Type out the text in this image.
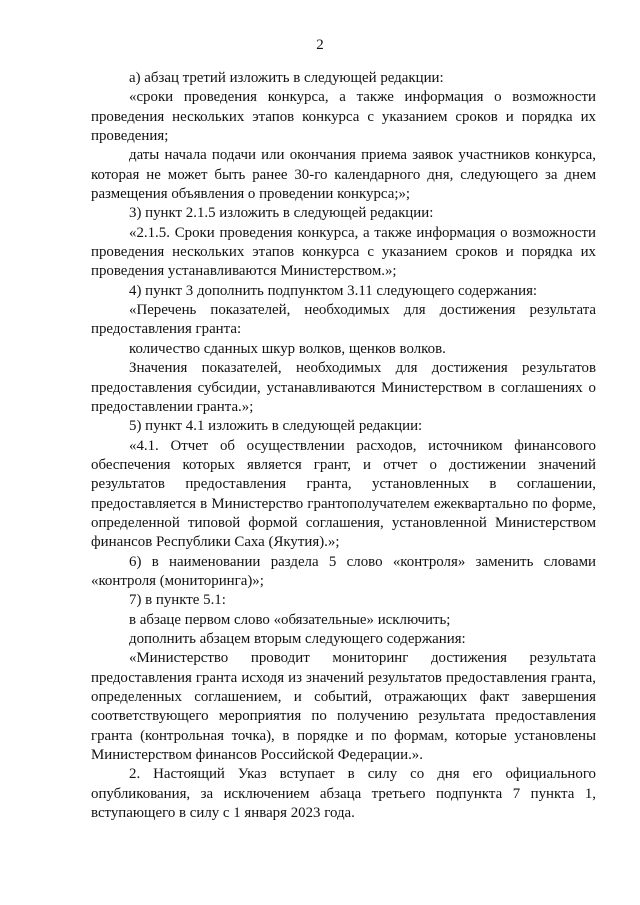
2

а) абзац третий изложить в следующей редакции:

«сроки проведения конкурса, а также информация о возможности проведения нескольких этапов конкурса с указанием сроков и порядка их проведения;

даты начала подачи или окончания приема заявок участников конкурса, которая не может быть ранее 30-го календарного дня, следующего за днем размещения объявления о проведении конкурса;»;

3) пункт 2.1.5 изложить в следующей редакции:

«2.1.5. Сроки проведения конкурса, а также информация о возможности проведения нескольких этапов конкурса с указанием сроков и порядка их проведения устанавливаются Министерством.»;

4) пункт 3 дополнить подпунктом 3.11 следующего содержания:

«Перечень показателей, необходимых для достижения результата предоставления гранта:

количество сданных шкур волков, щенков волков.

Значения показателей, необходимых для достижения результатов предоставления субсидии, устанавливаются Министерством в соглашениях о предоставлении гранта.»;

5) пункт 4.1 изложить в следующей редакции:

«4.1. Отчет об осуществлении расходов, источником финансового обеспечения которых является грант, и отчет о достижении значений результатов предоставления гранта, установленных в соглашении, предоставляется в Министерство грантополучателем ежеквартально по форме, определенной типовой формой соглашения, установленной Министерством финансов Республики Саха (Якутия).»;

6) в наименовании раздела 5 слово «контроля» заменить словами «контроля (мониторинга)»;

7) в пункте 5.1:

в абзаце первом слово «обязательные» исключить;

дополнить абзацем вторым следующего содержания:

«Министерство проводит мониторинг достижения результата предоставления гранта исходя из значений результатов предоставления гранта, определенных соглашением, и событий, отражающих факт завершения соответствующего мероприятия по получению результата предоставления гранта (контрольная точка), в порядке и по формам, которые установлены Министерством финансов Российской Федерации.».

2. Настоящий Указ вступает в силу со дня его официального опубликования, за исключением абзаца третьего подпункта 7 пункта 1, вступающего в силу с 1 января 2023 года.
